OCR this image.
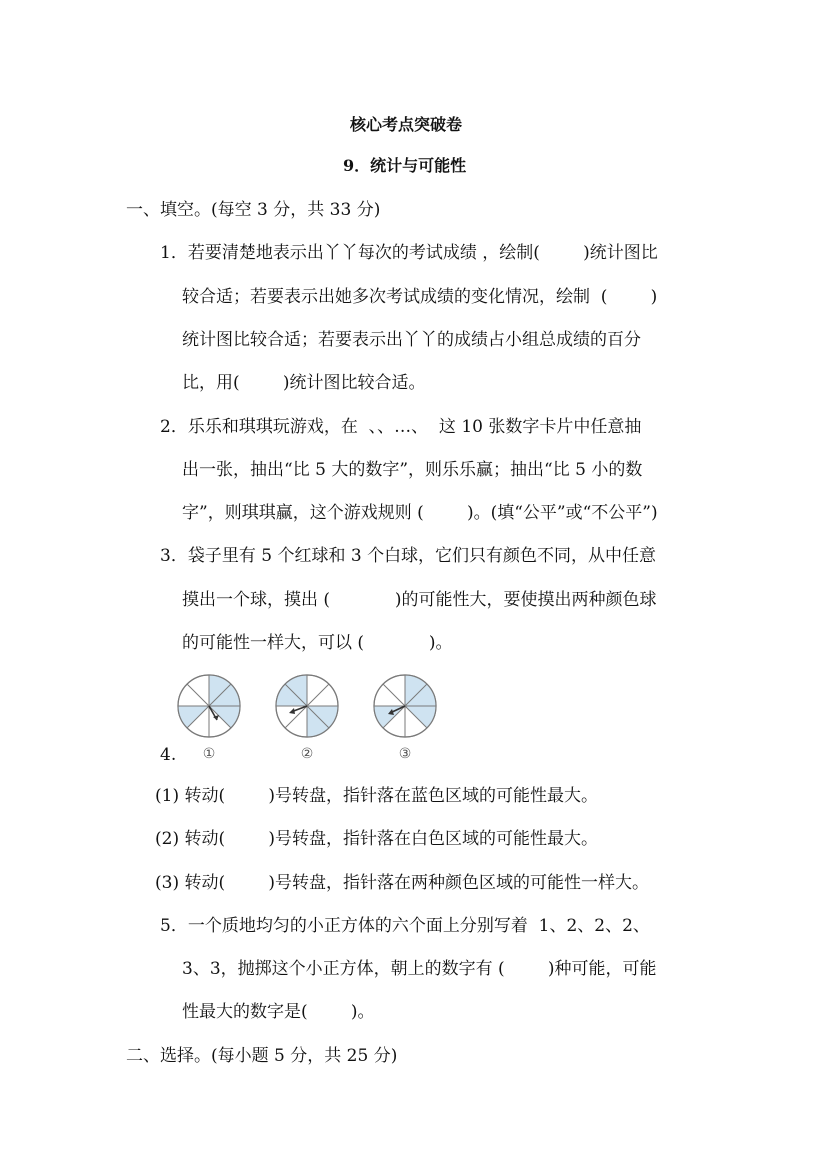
核心考点突破卷
9．统计与可能性
一、填空。(每空 3 分，共 33 分)
1．若要清楚地表示出丫丫每次的考试成绩 ，绘制(        )统计图比
较合适；若要表示出她多次考试成绩的变化情况，绘制  (        )
统计图比较合适；若要表示出丫丫的成绩占小组总成绩的百分
比，用(        )统计图比较合适。
2．乐乐和琪琪玩游戏，在  、、…、  这 10 张数字卡片中任意抽
出一张，抽出“比 5 大的数字”，则乐乐赢；抽出“比 5 小的数
字”，则琪琪赢，这个游戏规则 (        )。(填“公平”或“不公平”)
3．袋子里有 5 个红球和 3 个白球，它们只有颜色不同，从中任意
摸出一个球，摸出 (            )的可能性大，要使摸出两种颜色球
的可能性一样大，可以 (            )。
①	②	③
4.
(1) 转动(        )号转盘，指针落在蓝色区域的可能性最大。
(2) 转动(        )号转盘，指针落在白色区域的可能性最大。
(3) 转动(        )号转盘，指针落在两种颜色区域的可能性一样大。
5．一个质地均匀的小正方体的六个面上分别写着  1、2、2、2、
3、3，抛掷这个小正方体，朝上的数字有 (        )种可能，可能
性最大的数字是(        )。
二、选择。(每小题 5 分，共 25 分)
